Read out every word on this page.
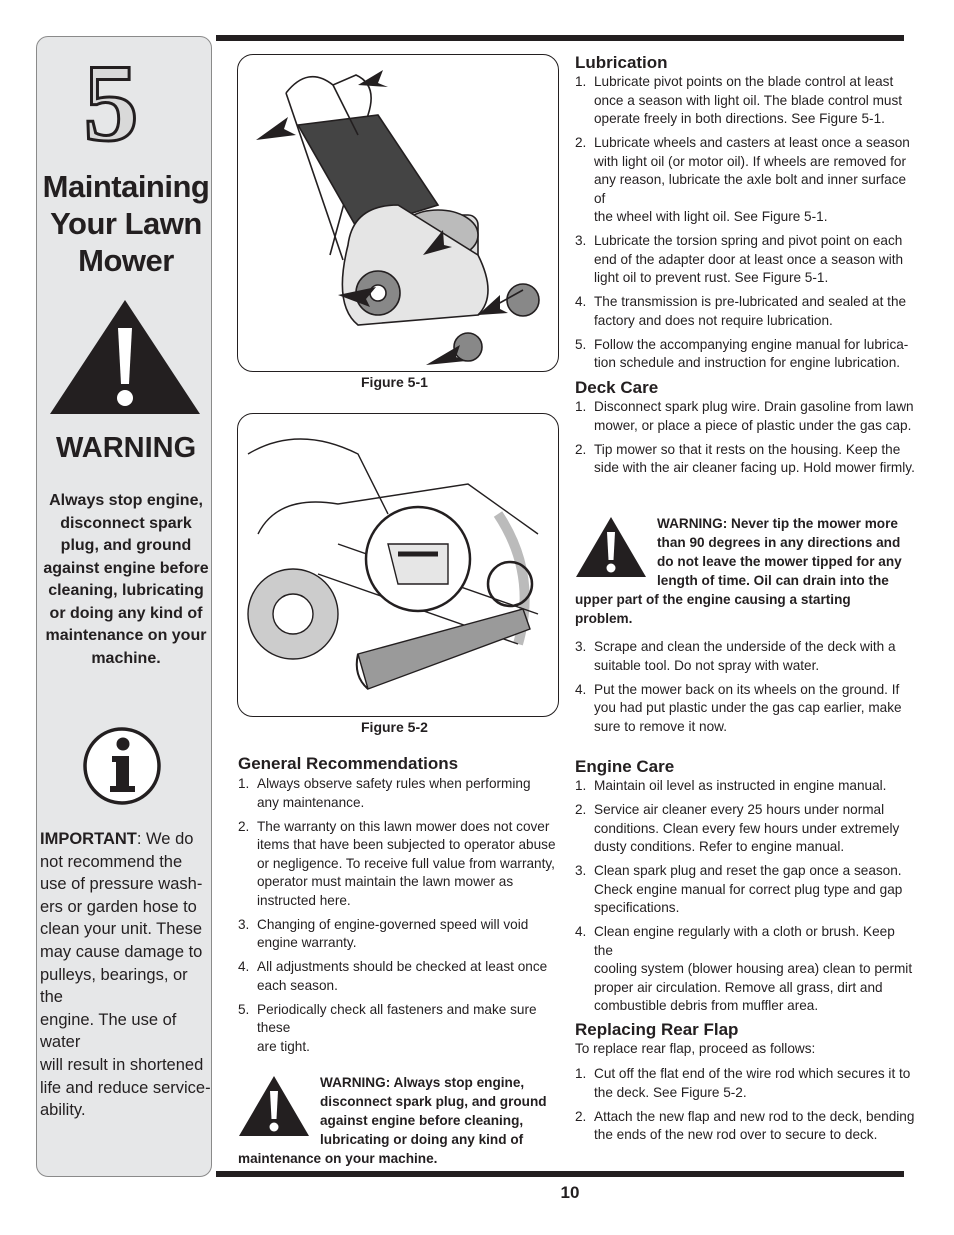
5
Maintaining
Your Lawn
Mower
WARNING
Always stop engine,
disconnect spark
plug, and ground
against engine before
cleaning, lubricating
or doing any kind of
maintenance on your
machine.
IMPORTANT: We do
not recommend the
use of pressure wash-
ers or garden hose to
clean your unit. These
may cause damage to
pulleys, bearings, or the
engine. The use of water
will result in shortened
life and reduce service-
ability.
Figure 5-1
Figure 5-2
General Recommendations
1. Always observe safety rules when performing
any maintenance.
2. The warranty on this lawn mower does not cover
items that have been subjected to operator abuse
or negligence. To receive full value from warranty,
operator must maintain the lawn mower as
instructed here.
3. Changing of engine-governed speed will void
engine warranty.
4. All adjustments should be checked at least once
each season.
5. Periodically check all fasteners and make sure these
are tight.
WARNING: Always stop engine,
disconnect spark plug, and ground
against engine before cleaning,
lubricating or doing any kind of
maintenance on your machine.
Lubrication
1. Lubricate pivot points on the blade control at least
once a season with light oil. The blade control must
operate freely in both directions. See Figure 5-1.
2. Lubricate wheels and casters at least once a season
with light oil (or motor oil). If wheels are removed for
any reason, lubricate the axle bolt and inner surface of
the wheel with light oil. See Figure 5-1.
3. Lubricate the torsion spring and pivot point on each
end of the adapter door at least once a season with
light oil to prevent rust. See Figure 5-1.
4. The transmission is pre-lubricated and sealed at the
factory and does not require lubrication.
5. Follow the accompanying engine manual for lubrica-
tion schedule and instruction for engine lubrication.
Deck Care
1. Disconnect spark plug wire. Drain gasoline from lawn
mower, or place a piece of plastic under the gas cap.
2. Tip mower so that it rests on the housing. Keep the
side with the air cleaner facing up. Hold mower firmly.
WARNING: Never tip the mower more
than 90 degrees in any directions and
do not leave the mower tipped for any
length of time. Oil can drain into the
upper part of the engine causing a starting problem.
3. Scrape and clean the underside of the deck with a
suitable tool. Do not spray with water.
4. Put the mower back on its wheels on the ground. If
you had put plastic under the gas cap earlier, make
sure to remove it now.
Engine Care
1. Maintain oil level as instructed in engine manual.
2. Service air cleaner every 25 hours under normal
conditions. Clean every few hours under extremely
dusty conditions. Refer to engine manual.
3. Clean spark plug and reset the gap once a season.
Check engine manual for correct plug type and gap
specifications.
4. Clean engine regularly with a cloth or brush. Keep the
cooling system (blower housing area) clean to permit
proper air circulation. Remove all grass, dirt and
combustible debris from muffler area.
Replacing Rear Flap
To replace rear flap, proceed as follows:
1. Cut off the flat end of the wire rod which secures it to
the deck. See Figure 5-2.
2. Attach the new flap and new rod to the deck, bending
the ends of the new rod over to secure to deck.
10
